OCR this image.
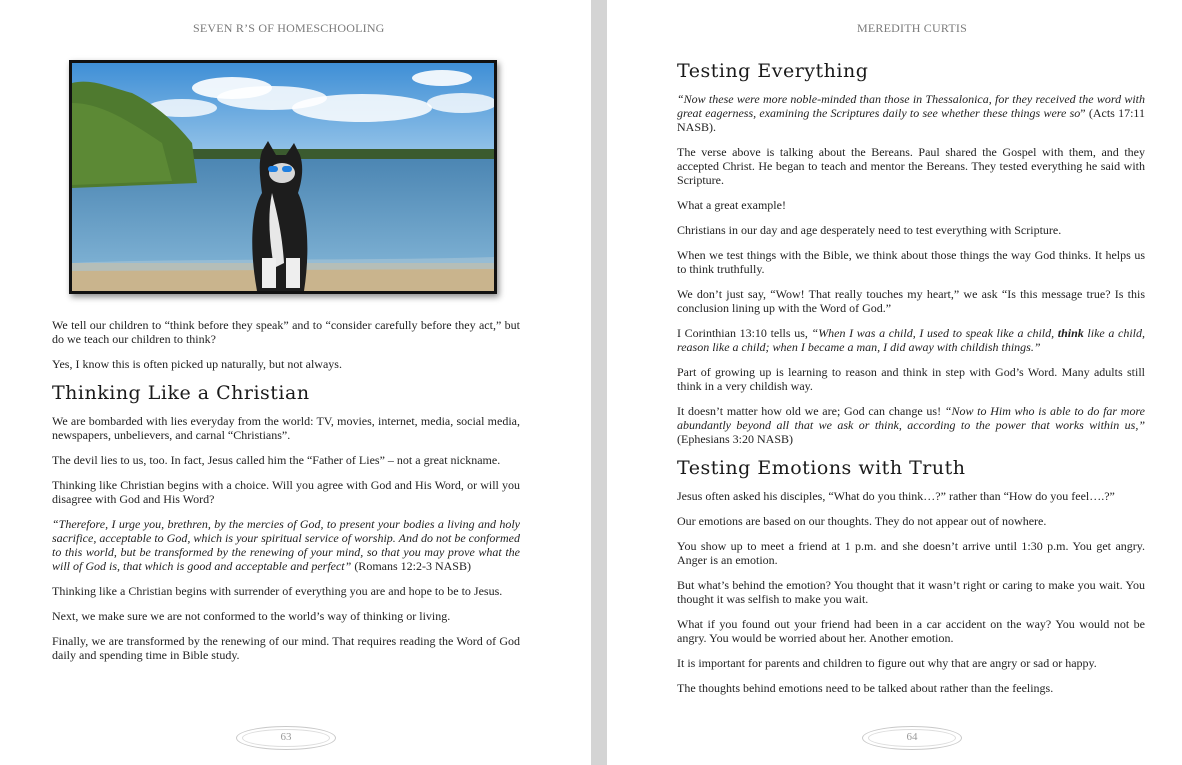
SEVEN R’S OF HOMESCHOOLING

We tell our children to “think before they speak” and to “consider carefully before they act,” but do we teach our children to think?

Yes, I know this is often picked up naturally, but not always.

Thinking Like a Christian

We are bombarded with lies everyday from the world: TV, movies, internet, media, social media, newspapers, unbelievers, and carnal “Christians”.

The devil lies to us, too. In fact, Jesus called him the “Father of Lies” – not a great nickname.

Thinking like Christian begins with a choice. Will you agree with God and His Word, or will you disagree with God and His Word?

“Therefore, I urge you, brethren, by the mercies of God, to present your bodies a living and holy sacrifice, acceptable to God, which is your spiritual service of worship. And do not be conformed to this world, but be transformed by the renewing of your mind, so that you may prove what the will of God is, that which is good and acceptable and perfect” (Romans 12:2-3 NASB)

Thinking like a Christian begins with surrender of everything you are and hope to be to Jesus.

Next, we make sure we are not conformed to the world’s way of thinking or living.

Finally, we are transformed by the renewing of our mind. That requires reading the Word of God daily and spending time in Bible study.

63
MEREDITH CURTIS
Testing Everything

“Now these were more noble-minded than those in Thessalonica, for they received the word with great eagerness, examining the Scriptures daily to see whether these things were so” (Acts 17:11 NASB).

The verse above is talking about the Bereans. Paul shared the Gospel with them, and they accepted Christ. He began to teach and mentor the Bereans. They tested everything he said with Scripture.

What a great example!

Christians in our day and age desperately need to test everything with Scripture.

When we test things with the Bible, we think about those things the way God thinks. It helps us to think truthfully.

We don’t just say, “Wow! That really touches my heart,” we ask “Is this message true? Is this conclusion lining up with the Word of God.”

I Corinthian 13:10 tells us, “When I was a child, I used to speak like a child, think like a child, reason like a child; when I became a man, I did away with childish things.”

Part of growing up is learning to reason and think in step with God’s Word. Many adults still think in a very childish way.

It doesn’t matter how old we are; God can change us! “Now to Him who is able to do far more abundantly beyond all that we ask or think, according to the power that works within us,” (Ephesians 3:20 NASB)

Testing Emotions with Truth

Jesus often asked his disciples, “What do you think…?” rather than “How do you feel….?”

Our emotions are based on our thoughts. They do not appear out of nowhere.

You show up to meet a friend at 1 p.m. and she doesn’t arrive until 1:30 p.m. You get angry. Anger is an emotion.

But what’s behind the emotion? You thought that it wasn’t right or caring to make you wait. You thought it was selfish to make you wait.

What if you found out your friend had been in a car accident on the way? You would not be angry. You would be worried about her. Another emotion.

It is important for parents and children to figure out why that are angry or sad or happy.

The thoughts behind emotions need to be talked about rather than the feelings.

64
